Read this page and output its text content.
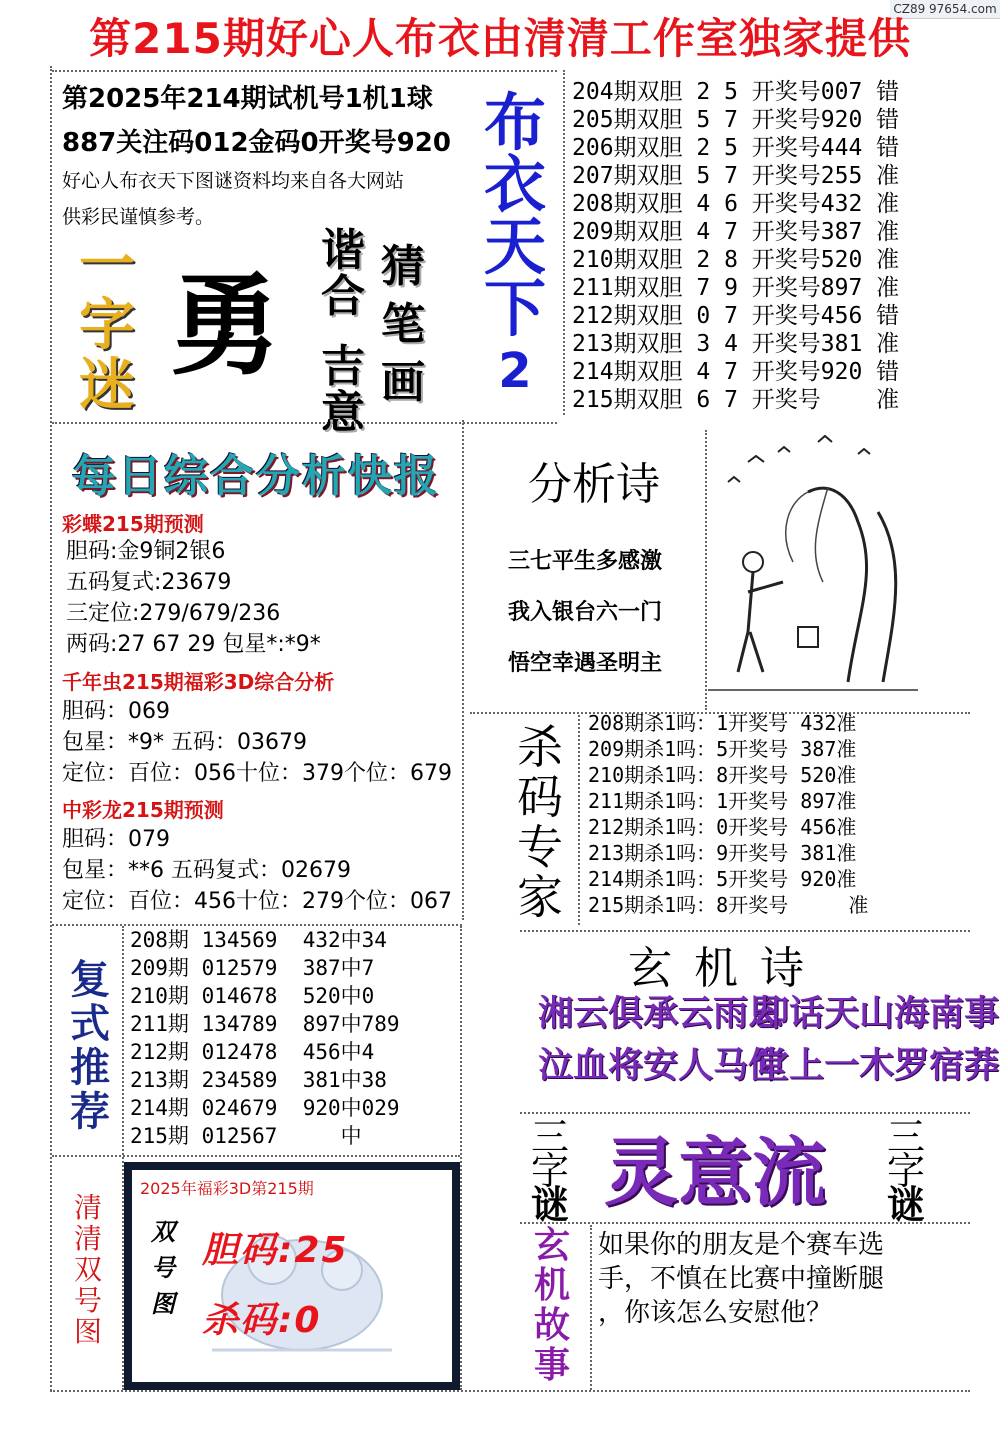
CZ89 97654.com
第215期好心人布衣由清清工作室独家提供
第2025年214期试机号1机1球
887关注码012金码0开奖号920
好心人布衣天下图谜资料均来自各大网站
供彩民谨慎参考。
布
衣
天
下
2
一
字
迷 勇
谐
合
吉
意
猜
笔
画
204期双胆 2 5 开奖号007 错
205期双胆 5 7 开奖号920 错
206期双胆 2 5 开奖号444 错
207期双胆 5 7 开奖号255 准
208期双胆 4 6 开奖号432 准
209期双胆 4 7 开奖号387 准
210期双胆 2 8 开奖号520 准
211期双胆 7 9 开奖号897 准
212期双胆 0 7 开奖号456 错
213期双胆 3 4 开奖号381 准
214期双胆 4 7 开奖号920 错
215期双胆 6 7 开奖号    准
每日综合分析快报
彩蝶215期预测
胆码:金9铜2银6
五码复式:23679
三定位:279/679/236
两码:27 67 29 包星*:*9*
千年虫215期福彩3D综合分析
胆码：069
包星：*9* 五码：03679
定位：百位：056十位：379个位：679
中彩龙215期预测
胆码：079
包星：**6 五码复式：02679
定位：百位：456十位：279个位：067
分析诗
三七平生多感激
我入银台六一门
悟空幸遇圣明主
杀
码
专
家
208期杀1吗：1开奖号 432准
209期杀1吗：5开奖号 387准
210期杀1吗：8开奖号 520准
211期杀1吗：1开奖号 897准
212期杀1吗：0开奖号 456准
213期杀1吗：9开奖号 381准
214期杀1吗：5开奖号 920准
215期杀1吗：8开奖号     准
复
式
推
荐
208期 134569  432中34
209期 012579  387中7
210期 014678  520中0
211期 134789  897中789
212期 012478  456中4
213期 234589  381中38
214期 024679  920中029
215期 012567     中
玄 机 诗
湘云俱承云雨恩
却话天山海南事
泣血将安人马仰
堂上一木罗宿莽
三
字
谜 灵意流 三
字
谜
玄
机
故
事
如果你的朋友是个赛车选
手，不慎在比赛中撞断腿
，你该怎么安慰他？
清
清
双
号
图
2025年福彩3D第215期
双
号
图
胆码:25
杀码:0
